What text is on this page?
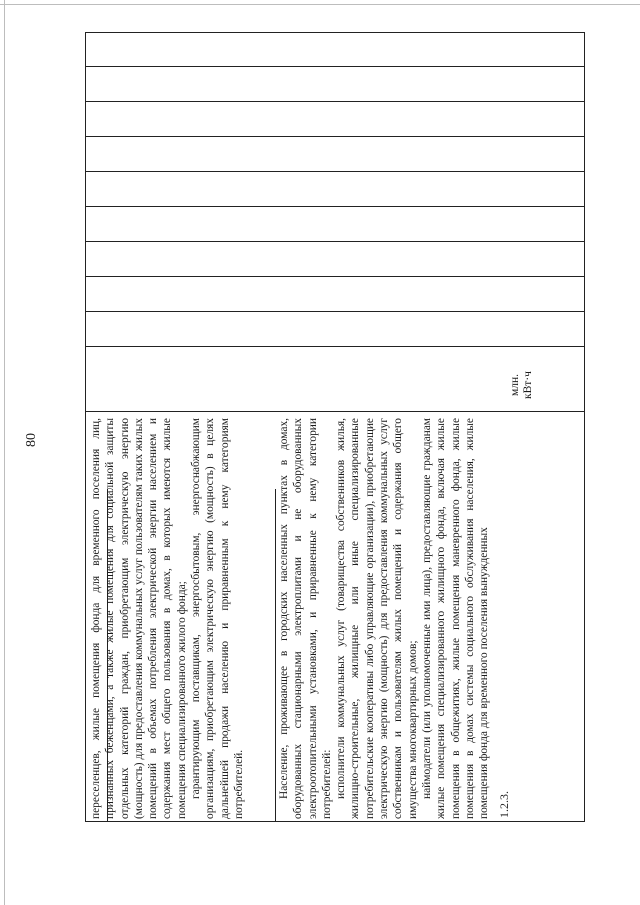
80
1.2.3.
млн. кВт·ч

переселенцев, жилые помещения фонда для временного поселения лиц, признанных беженцами, а также жилые помещения для социальной защиты отдельных категорий граждан, приобретающим электрическую энергию (мощность) для предоставления коммунальных услуг пользователям таких жилых помещений в объемах потребления электрической энергии населением и содержания мест общего пользования в домах, в которых имеются жилые помещения специализированного жилого фонда; гарантирующим поставщикам, энергосбытовым, энергоснабжающим организациям, приобретающим электрическую энергию (мощность) в целях дальнейшей продажи населению и приравненным к нему категориям потребителей.	Население, проживающее в городских населенных пунктах в домах, оборудованных стационарными электроплитами и не оборудованных электроотопительными установками, и приравненные к нему категории потребителей: исполнители коммунальных услуг (товарищества собственников жилья, жилищно-строительные, жилищные или иные специализированные потребительские кооперативы либо управляющие организации), приобретающие электрическую энергию (мощность) для предоставления коммунальных услуг собственникам и пользователям жилых помещений и содержания общего имущества многоквартирных домов; наймодатели (или уполномоченные ими лица), предоставляющие гражданам жилые помещения специализированного жилищного фонда, включая жилые помещения в общежитиях, жилые помещения маневренного фонда, жилые помещения в домах системы социального обслуживания населения, жилые помещения фонда для временного поселения вынужденных
